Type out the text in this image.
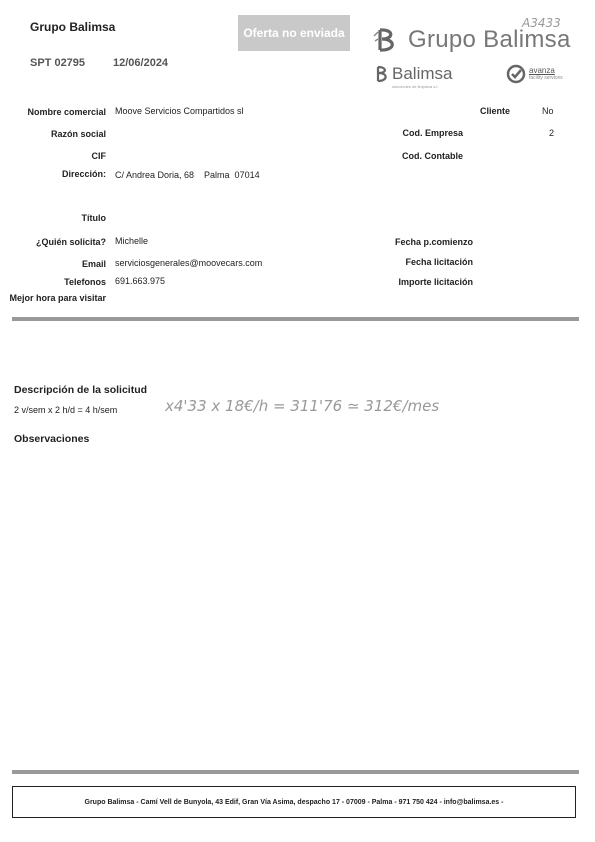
Grupo Balimsa
SPT 02795	12/06/2024
Oferta no enviada
A3433
Grupo Balimsa
Balimsa
soluciones de limpieza s.l.
avanza
facility services
Nombre comercial Moove Servicios Compartidos sl
Razón social
CIF
Dirección: C/ Andrea Doria, 68    Palma  07014
Título
¿Quién solicita? Michelle
Email serviciosgenerales@moovecars.com
Telefonos 691.663.975
Mejor hora para visitar
Cliente	No
Cod. Empresa	2
Cod. Contable
Fecha p.comienzo
Fecha licitación
Importe licitación
Descripción de la solicitud
2 v/sem x 2 h/d = 4 h/sem	x4'33 x 18€/h = 311'76 ≃ 312€/mes
Observaciones
Grupo Balimsa - Camí Vell de Bunyola, 43 Edif, Gran Vía Asima, despacho 17 - 07009 - Palma - 971 750 424 - info@balimsa.es -
